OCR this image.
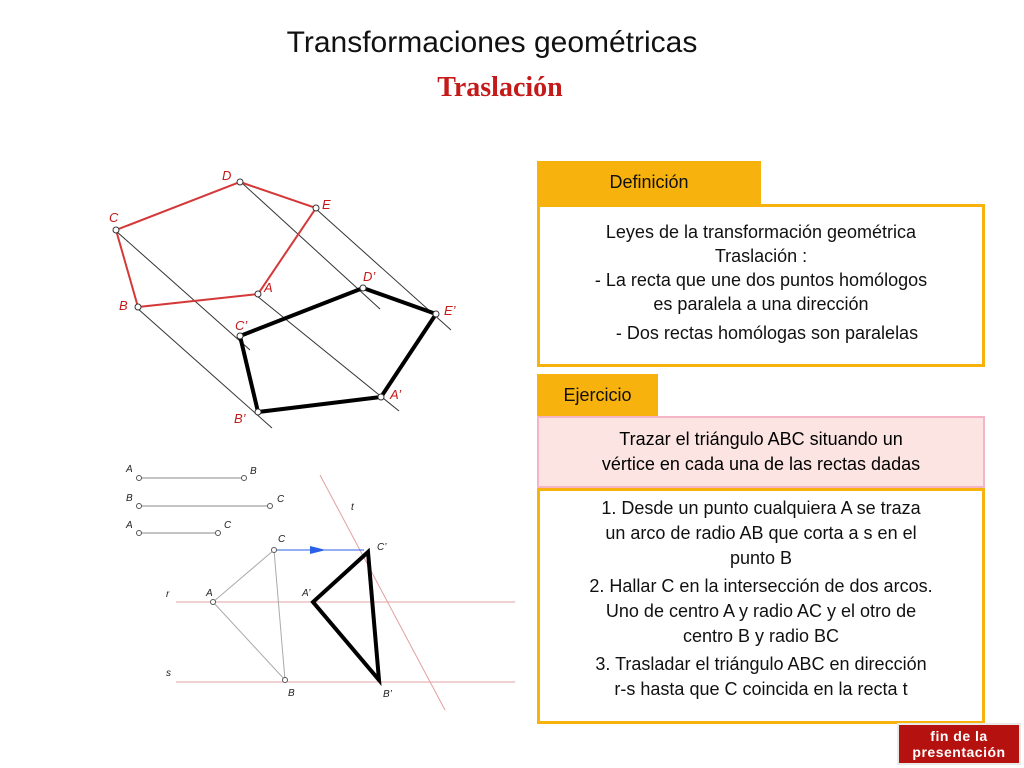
Transformaciones geométricas
Traslación
D
E
C
A
B
D’
E’
C’
A’
B’
A	B
B	C
A	C
t
C
C’
r	A	A’
s
B	B’
Definición

Leyes de la transformación geométrica

Traslación :

- La recta que une dos puntos homólogos

es paralela a una dirección

- Dos rectas homólogas son paralelas

Ejercicio
Trazar el triángulo ABC situando un
vértice en cada una de las rectas dadas

1. Desde un punto cualquiera A se traza

un arco de radio AB que corta a s en el

punto B

2. Hallar C en la intersección de dos arcos.

Uno de centro A y radio AC y el otro de

centro B y radio BC

3. Trasladar el triángulo ABC en dirección

r-s hasta que C coincida en la recta t

fin de la
presentación
